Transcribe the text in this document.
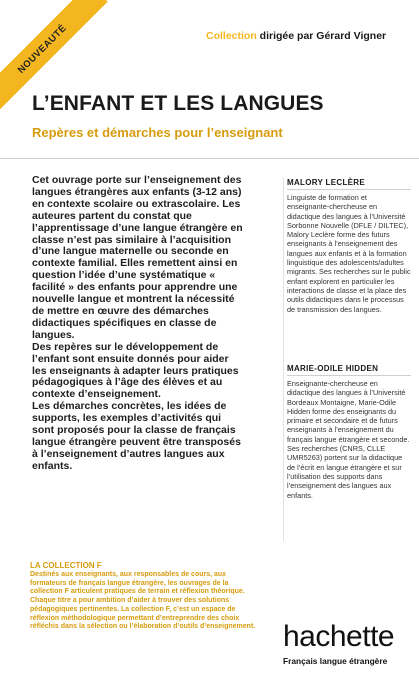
NOUVEAUTÉ	Collection dirigée par Gérard Vigner
L’ENFANT ET LES LANGUES
Repères et démarches pour l’enseignant

Cet ouvrage porte sur l’enseignement des langues étrangères aux enfants (3-12 ans) en contexte scolaire ou extrascolaire. Les auteures partent du constat que l’apprentissage d’une langue étrangère en classe n’est pas similaire à l’acquisition d’une langue maternelle ou seconde en contexte familial. Elles remettent ainsi en question l’idée d’une systématique « facilité » des enfants pour apprendre une nouvelle langue et montrent la nécessité de mettre en œuvre des démarches didactiques spécifiques en classe de langues.

Des repères sur le développement de l’enfant sont ensuite donnés pour aider les enseignants à adapter leurs pratiques pédagogiques à l’âge des élèves et au contexte d’enseignement.

Les démarches concrètes, les idées de supports, les exemples d’activités qui sont proposés pour la classe de français langue étrangère peuvent être transposés à l’enseignement d’autres langues aux enfants.

MALORY LECLÈRE

Linguiste de formation et enseignante-chercheuse en didactique des langues à l’Université Sorbonne Nouvelle (DFLE / DILTEC), Malory Leclère forme des futurs enseignants à l’enseignement des langues aux enfants et à la formation linguistique des adolescents/adultes migrants. Ses recherches sur le public enfant explorent en particulier les interactions de classe et la place des outils didactiques dans le processus de transmission des langues.

MARIE-ODILE HIDDEN

Enseignante-chercheuse en didactique des langues à l’Université Bordeaux Montaigne, Marie-Odile Hidden forme des enseignants du primaire et secondaire et de futurs enseignants à l’enseignement du français langue étrangère et seconde. Ses recherches (CNRS, CLLE UMR5263) portent sur la didactique de l’écrit en langue étrangère et sur l’utilisation des supports dans l’enseignement des langues aux enfants.

LA COLLECTION F

Destinés aux enseignants, aux responsables de cours, aux formateurs de français langue étrangère, les ouvrages de la collection F articulent pratiques de terrain et réflexion théorique. Chaque titre a pour ambition d’aider à trouver des solutions pédagogiques pertinentes. La collection F, c’est un espace de réflexion méthodologique permettant d’entreprendre des choix réfléchis dans la sélection ou l’élaboration d’outils d’enseignement. hachette
Français langue étrangère
